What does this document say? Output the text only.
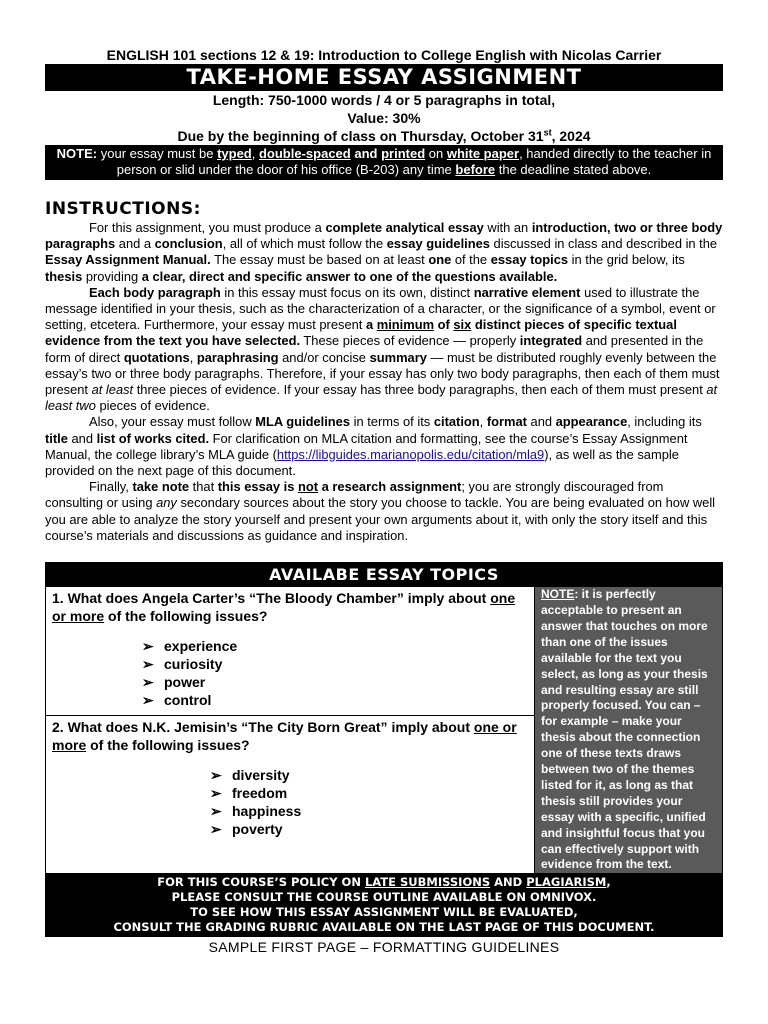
ENGLISH 101 sections 12 & 19: Introduction to College English with Nicolas Carrier
TAKE-HOME ESSAY ASSIGNMENT
Length: 750-1000 words / 4 or 5 paragraphs in total,
Value: 30%
Due by the beginning of class on Thursday, October 31st, 2024
NOTE: your essay must be typed, double-spaced and printed on white paper, handed directly to the teacher in person or slid under the door of his office (B-203) any time before the deadline stated above.
INSTRUCTIONS:

For this assignment, you must produce a complete analytical essay with an introduction, two or three body paragraphs and a conclusion, all of which must follow the essay guidelines discussed in class and described in the Essay Assignment Manual. The essay must be based on at least one of the essay topics in the grid below, its thesis providing a clear, direct and specific answer to one of the questions available.

Each body paragraph in this essay must focus on its own, distinct narrative element used to illustrate the message identified in your thesis, such as the characterization of a character, or the significance of a symbol, event or setting, etcetera. Furthermore, your essay must present a minimum of six distinct pieces of specific textual evidence from the text you have selected. These pieces of evidence — properly integrated and presented in the form of direct quotations, paraphrasing and/or concise summary — must be distributed roughly evenly between the essay’s two or three body paragraphs. Therefore, if your essay has only two body paragraphs, then each of them must present at least three pieces of evidence. If your essay has three body paragraphs, then each of them must present at least two pieces of evidence.

Also, your essay must follow MLA guidelines in terms of its citation, format and appearance, including its title and list of works cited. For clarification on MLA citation and formatting, see the course’s Essay Assignment Manual, the college library’s MLA guide (https://libguides.marianopolis.edu/citation/mla9), as well as the sample provided on the next page of this document.

Finally, take note that this essay is not a research assignment; you are strongly discouraged from consulting or using any secondary sources about the story you choose to tackle. You are being evaluated on how well you are able to analyze the story yourself and present your own arguments about it, with only the story itself and this course’s materials and discussions as guidance and inspiration.

AVAILABE ESSAY TOPICS
1. What does Angela Carter’s “The Bloody Chamber” imply about one or more of the following issues?
➢ experience
➢ curiosity
➢ power
➢ control
2. What does N.K. Jemisin’s “The City Born Great” imply about one or more of the following issues?
➢ diversity
➢ freedom
➢ happiness
➢ poverty
NOTE: it is perfectly acceptable to present an answer that touches on more than one of the issues available for the text you select, as long as your thesis and resulting essay are still properly focused. You can – for example – make your thesis about the connection one of these texts draws between two of the themes listed for it, as long as that thesis still provides your essay with a specific, unified and insightful focus that you can effectively support with evidence from the text.
FOR THIS COURSE’S POLICY ON LATE SUBMISSIONS AND PLAGIARISM,
PLEASE CONSULT THE COURSE OUTLINE AVAILABLE ON OMNIVOX.
TO SEE HOW THIS ESSAY ASSIGNMENT WILL BE EVALUATED,
CONSULT THE GRADING RUBRIC AVAILABLE ON THE LAST PAGE OF THIS DOCUMENT.
SAMPLE FIRST PAGE – FORMATTING GUIDELINES
